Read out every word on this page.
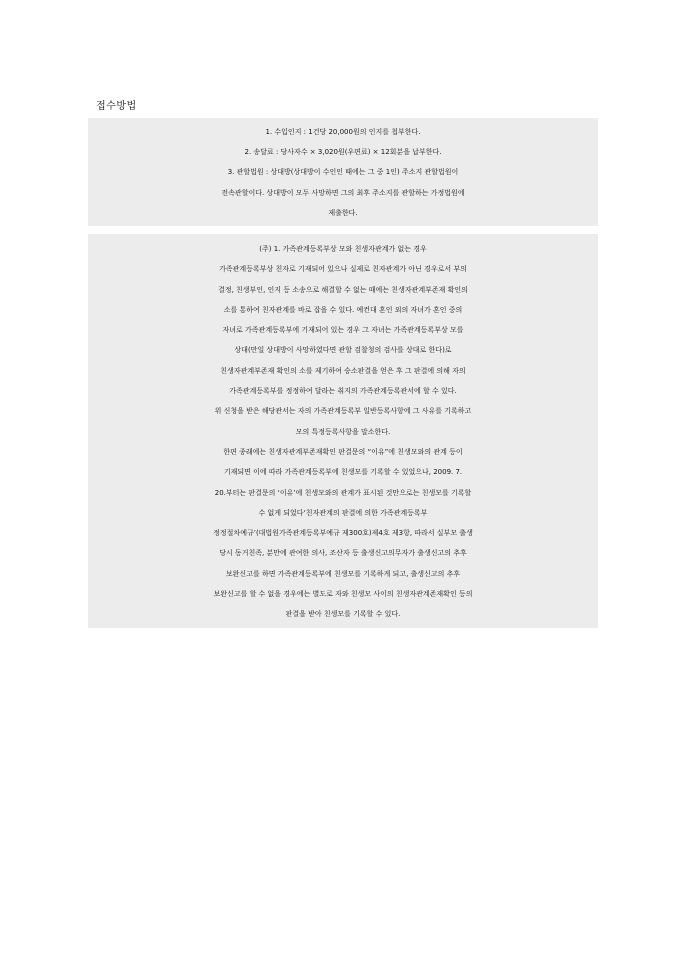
접수방법
1. 수입인지 : 1건당 20,000원의 인지를 첩부한다.
2. 송달료 : 당사자수 × 3,020원(우편료) × 12회분을 납부한다.
3. 관할법원 : 상대방(상대방이 수인인 때에는 그 중 1인) 주소지 관할법원이
전속관할이다. 상대방이 모두 사망하면 그의 최후 주소지를 관할하는 가정법원에
제출한다.
(주) 1. 가족관계등록부상 모와 친생자관계가 없는 경우
가족관계등록부상 친자로 기재되어 있으나 실제로 친자관계가 아닌 경우로서 부의
결정, 친생부인, 인지 등 소송으로 해결할 수 없는 때에는 친생자관계부존재 확인의
소를 통하여 친자관계를 바로 잡을 수 있다. 예컨대 혼인 외의 자녀가 혼인 중의
자녀로 가족관계등록부에 기재되어 있는 경우 그 자녀는 가족관계등록부상 모를
상대(만일 상대방이 사망하였다면 관할 검찰청의 검사를 상대로 한다)로
친생자관계부존재 확인의 소를 제기하여 승소판결을 얻은 후 그 판결에 의해 자의
가족관계등록부를 정정하여 달라는 취지의 가족관계등록관서에 할 수 있다.
위 신청을 받은 해당관서는 자의 가족관계등록부 일반등록사항에 그 사유를 기록하고
모의 특정등록사항을 말소한다.
한편 종래에는 친생자관계부존재확인 판결문의 “이유”에 친생모와의 관계 등이
기재되면 이에 따라 가족관계등록부에 친생모를 기록할 수 있었으나, 2009. 7.
20.부터는 판결문의 ‘이유’에 친생모와의 관계가 표시된 것만으로는 친생모를 기록할
수 없게 되었다‘친자관계의 판결에 의한 가족관계등록부
정정절차예규’(대법원가족관계등록부예규 제300호)제4호 제3항, 따라서 실부모 출생
당시 동거친족, 분만에 관여한 의사, 조산자 등 출생신고의무자가 출생신고의 추후
보완신고를 하면 가족관계등록부에 친생모를 기록하게 되고, 출생신고의 추후
보완신고를 할 수 없을 경우에는 별도로 자와 친생모 사이의 친생자관계존재확인 등의
판결을 받아 친생모를 기록할 수 있다.
